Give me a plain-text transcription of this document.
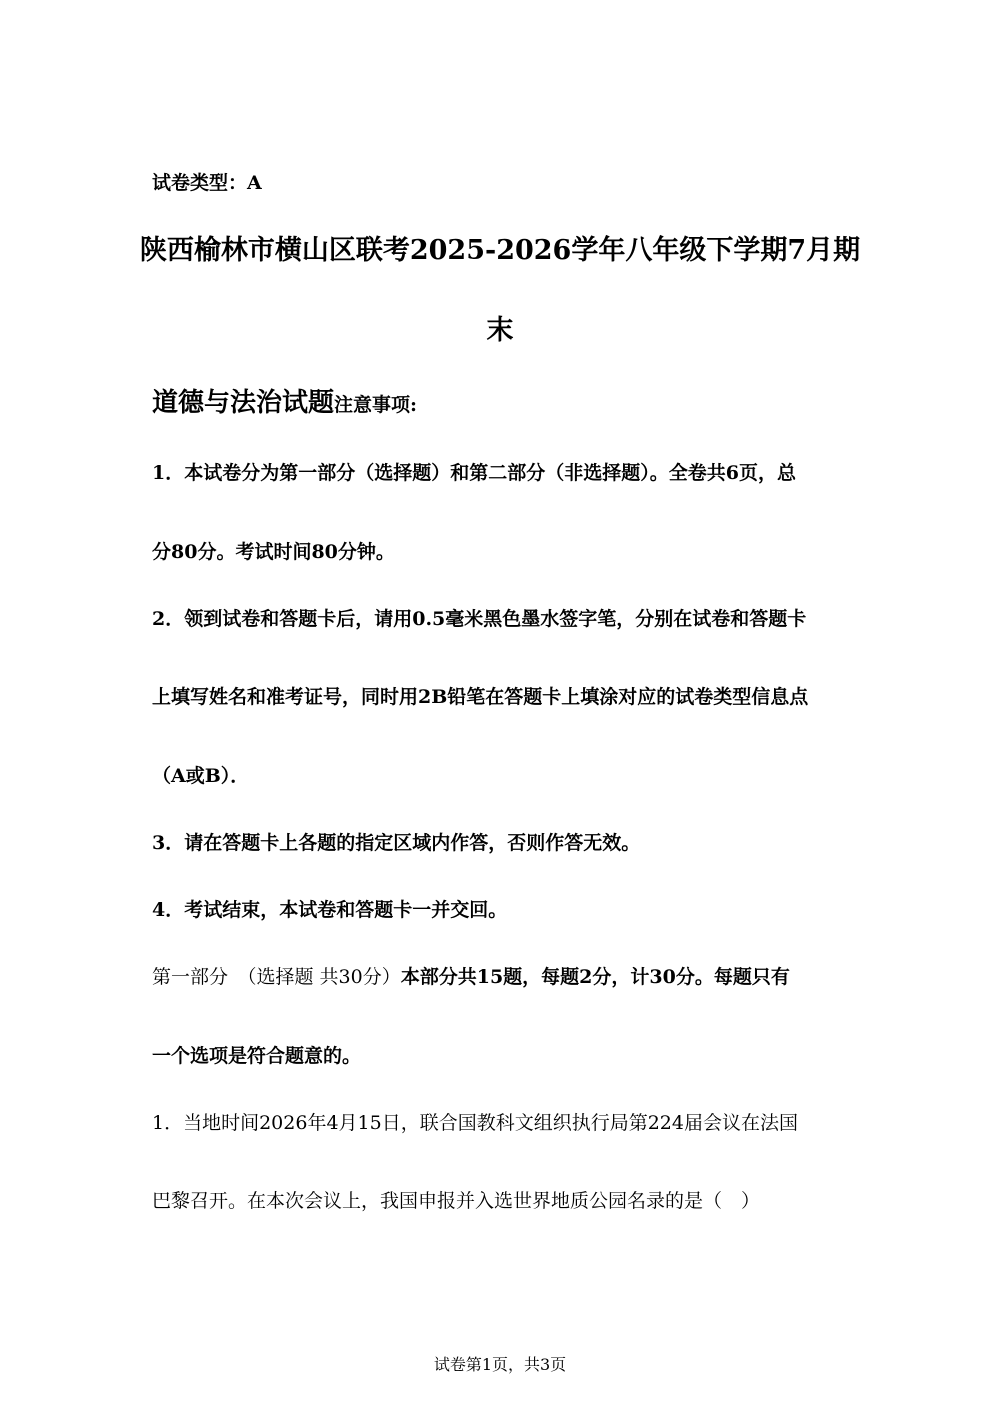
试卷类型：A
陕西榆林市横山区联考2025-2026学年八年级下学期7月期
末
道德与法治试题注意事项:
1．本试卷分为第一部分（选择题）和第二部分（非选择题）。全卷共6页，总
分80分。考试时间80分钟。
2．领到试卷和答题卡后，请用0.5毫米黑色墨水签字笔，分别在试卷和答题卡
上填写姓名和准考证号，同时用2B铅笔在答题卡上填涂对应的试卷类型信息点
（A或B）．
3．请在答题卡上各题的指定区域内作答，否则作答无效。
4．考试结束，本试卷和答题卡一并交回。
第一部分　（选择题 共30分）本部分共15题，每题2分，计30分。每题只有
一个选项是符合题意的。
1．当地时间2026年4月15日，联合国教科文组织执行局第224届会议在法国
巴黎召开。在本次会议上，我国申报并入选世界地质公园名录的是（　）
试卷第1页，共3页
